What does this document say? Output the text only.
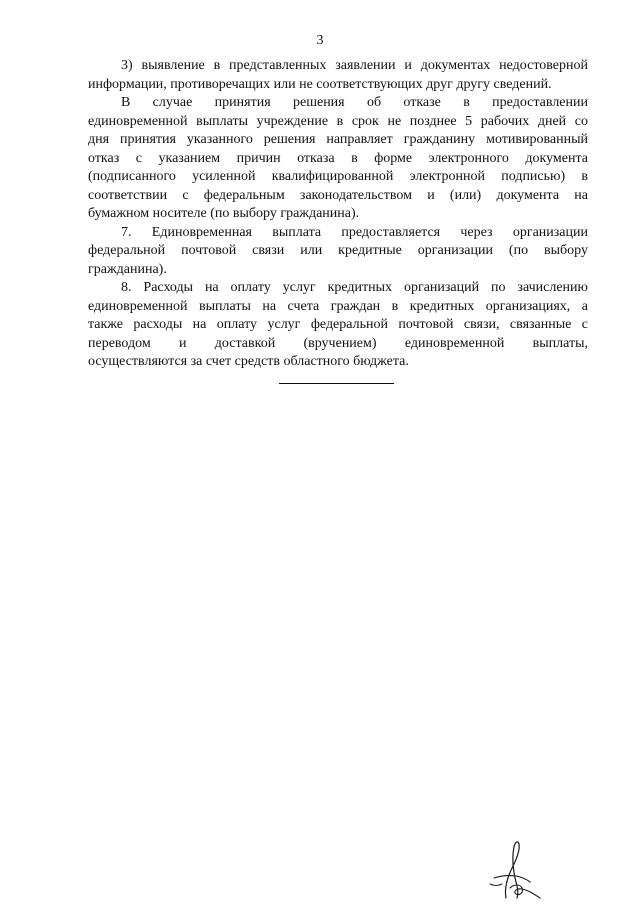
3
3) выявление в представленных заявлении и документах недостоверной
информации, противоречащих или не соответствующих друг другу сведений.
В случае принятия решения об отказе в предоставлении
единовременной выплаты учреждение в срок не позднее 5 рабочих дней со
дня принятия указанного решения направляет гражданину мотивированный
отказ с указанием причин отказа в форме электронного документа
(подписанного усиленной квалифицированной электронной подписью) в
соответствии с федеральным законодательством и (или) документа на
бумажном носителе (по выбору гражданина).
7. Единовременная выплата предоставляется через организации
федеральной почтовой связи или кредитные организации (по выбору
гражданина).
8. Расходы на оплату услуг кредитных организаций по зачислению
единовременной выплаты на счета граждан в кредитных организациях, а
также расходы на оплату услуг федеральной почтовой связи, связанные с
переводом и доставкой (вручением) единовременной выплаты,
осуществляются за счет средств областного бюджета.
